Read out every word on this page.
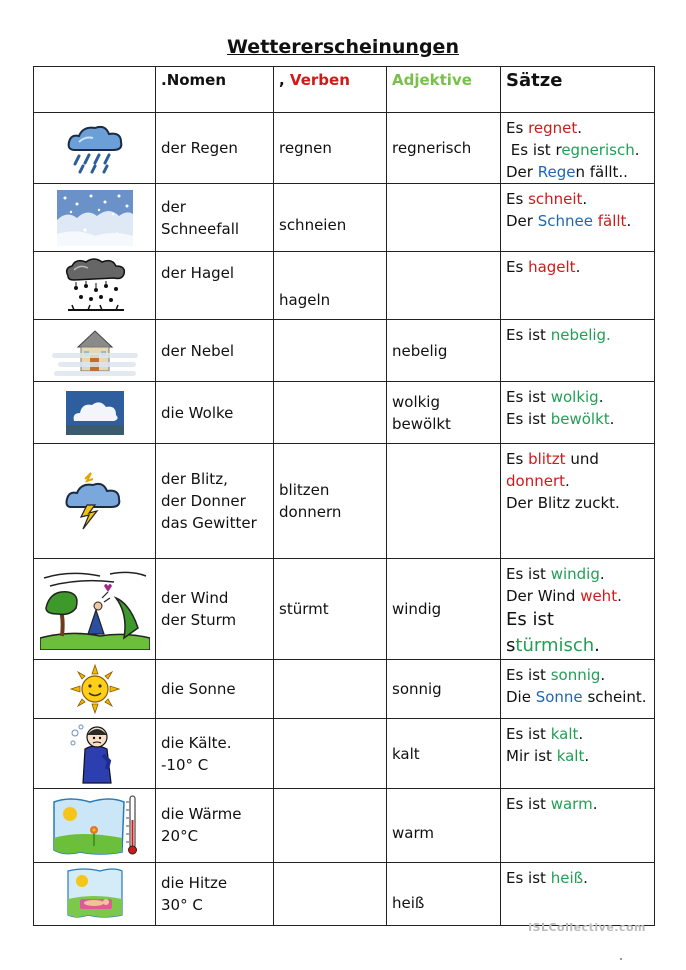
Wettererscheinungen
	.Nomen	, Verben	Adjektive	Sätze

der Regen	regnen	regnerisch	Es regnet.
Es ist regnerisch.
Der Regen fällt..

der
Schneefall	schneien		Es schneit.
Der Schnee fällt.

der Hagel	hageln		Es hagelt.

der Nebel		nebelig	Es ist nebelig.

die Wolke		wolkig
bewölkt	Es ist wolkig.
Es ist bewölkt.

der Blitz,
der Donner
das Gewitter	blitzen
donnern		Es blitzt und
donnert.
Der Blitz zuckt.

der Wind
der Sturm	stürmt	windig	Es ist windig.
Der Wind weht.
Es ist
stürmisch.

die Sonne		sonnig	Es ist sonnig.
Die Sonne scheint.

die Kälte.
-10° C		kalt	Es ist kalt.
Mir ist kalt.

die Wärme
20°C		warm	Es ist warm.

die Hitze
30° C		heiß	Es ist heiß.
iSLCollective.com
